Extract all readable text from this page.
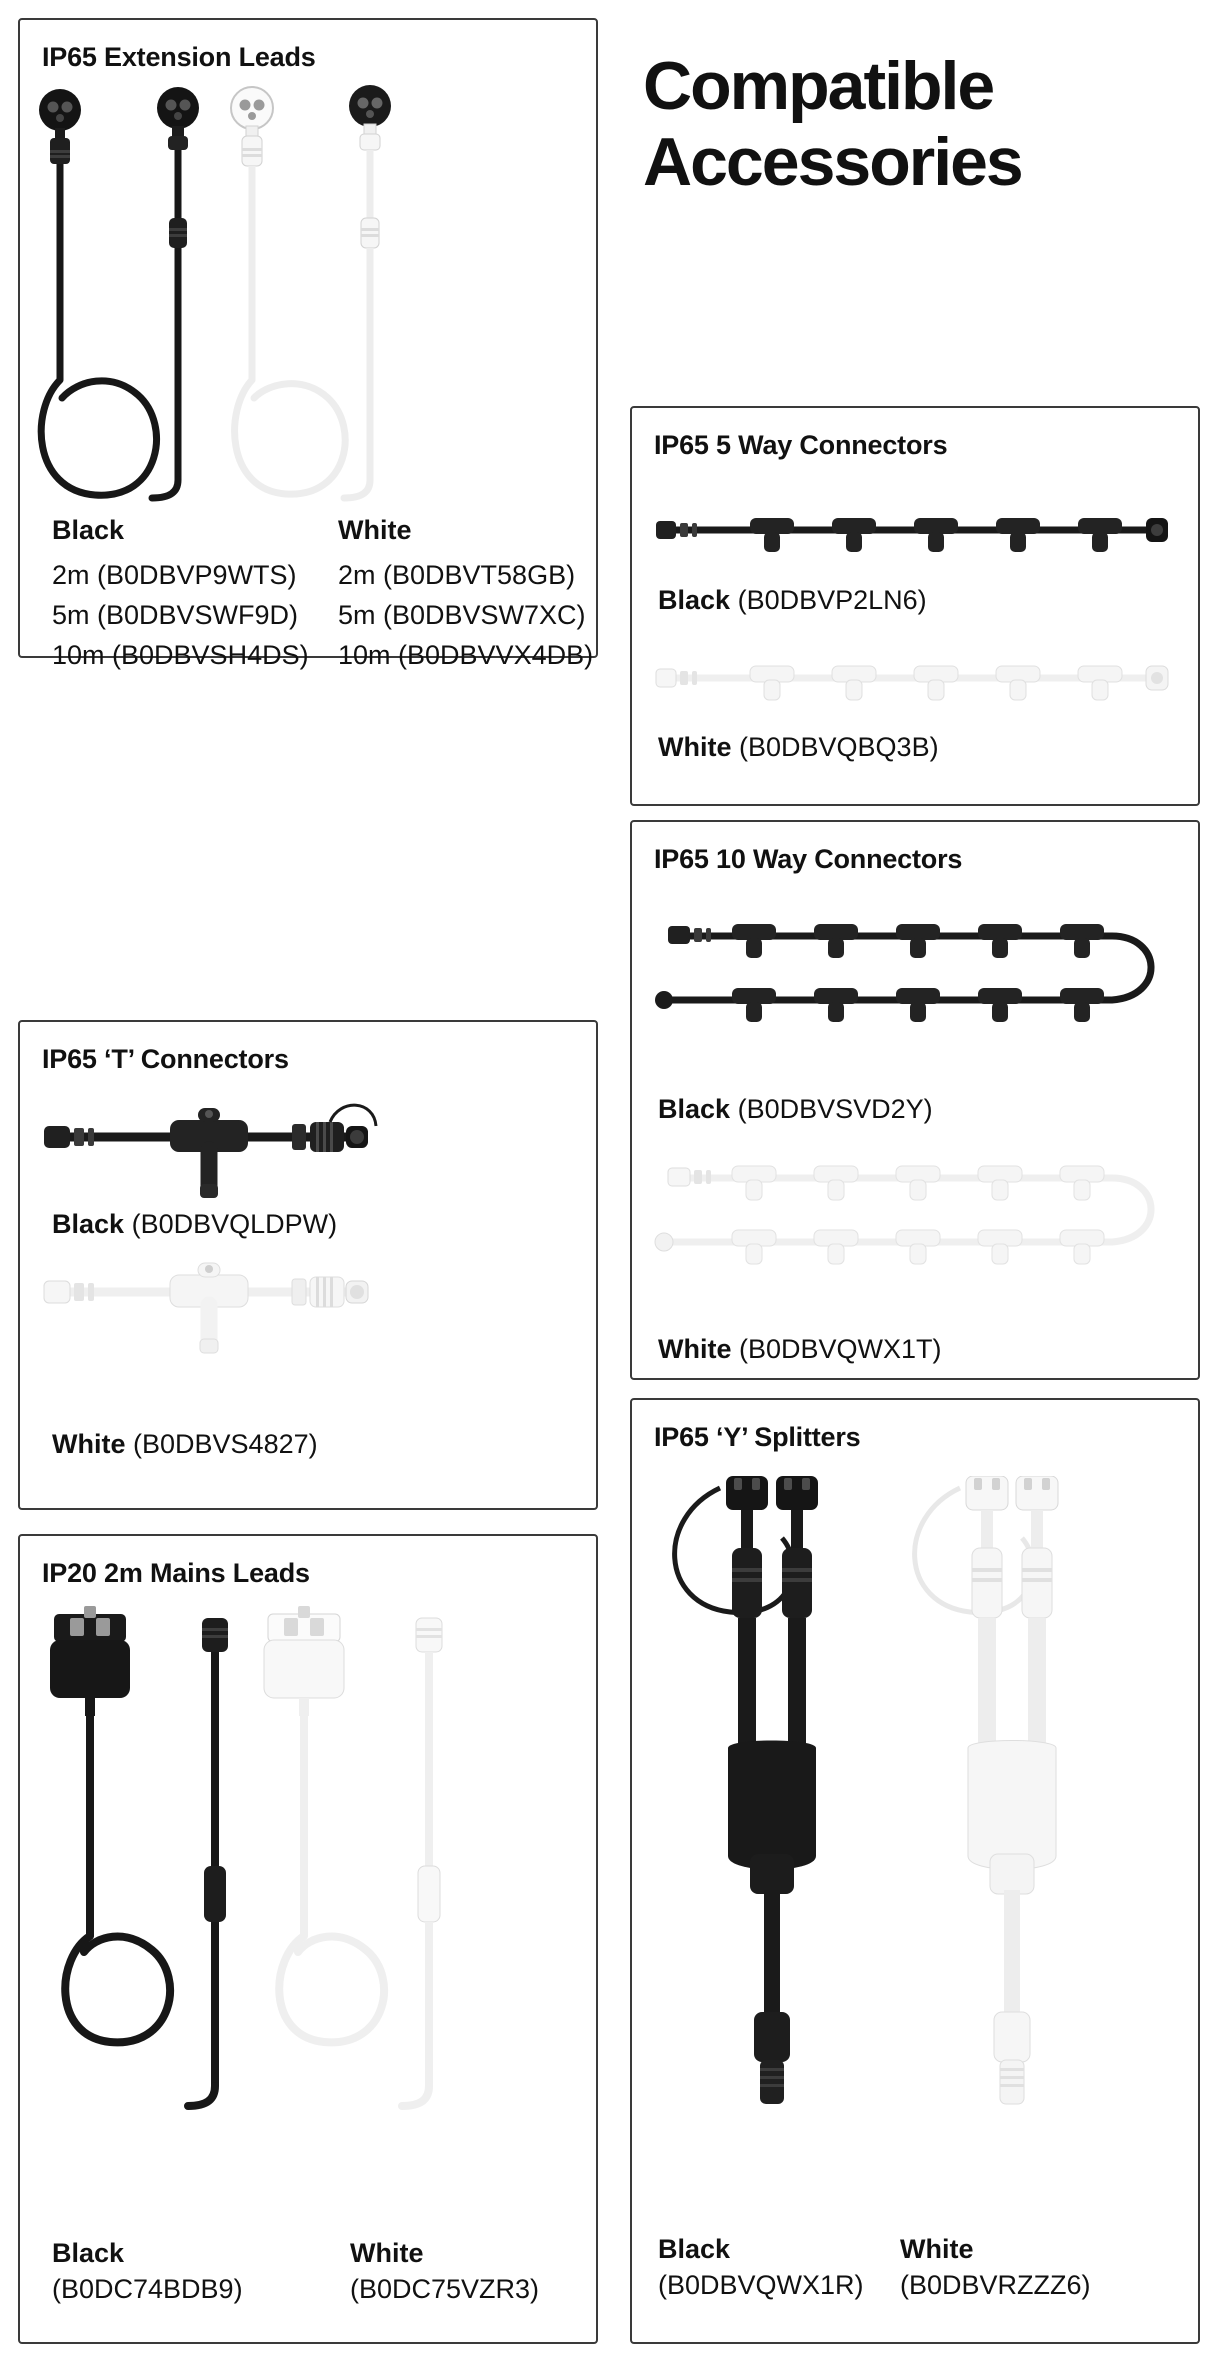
Compatible
Accessories
IP65 Extension Leads
Black
2m (B0DBVP9WTS)
5m (B0DBVSWF9D)
10m (B0DBVSH4DS)
White
2m (B0DBVT58GB)
5m (B0DBVSW7XC)
10m (B0DBVVX4DB)
IP65 ‘T’ Connectors
Black (B0DBVQLDPW)
White (B0DBVS4827)
IP20 2m Mains Leads
Black
(B0DC74BDB9)
White
(B0DC75VZR3)
IP65 5 Way Connectors
Black (B0DBVP2LN6)
White (B0DBVQBQ3B)
IP65 10 Way Connectors
Black (B0DBVSVD2Y)
White (B0DBVQWX1T)
IP65 ‘Y’ Splitters
Black
(B0DBVQWX1R)
White
(B0DBVRZZZ6)
